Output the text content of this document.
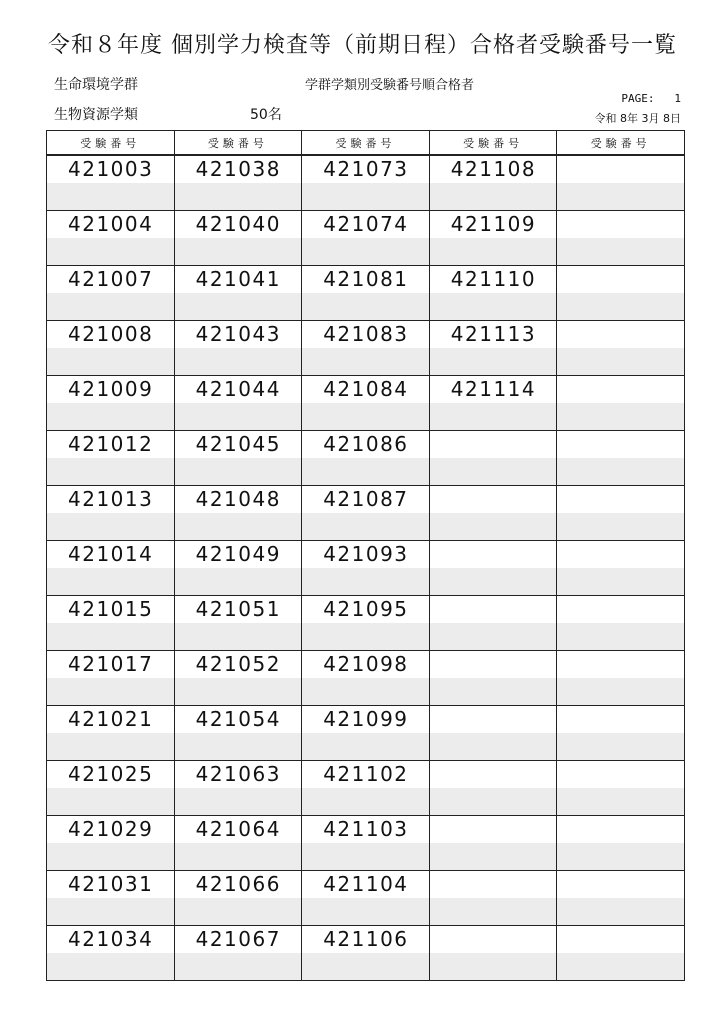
令和８年度 個別学力検査等（前期日程）合格者受験番号一覧
生命環境学群
生物資源学類	50名
学群学類別受験番号順合格者
PAGE:   1
令和 8年 3月 8日
受験番号	受験番号	受験番号	受験番号	受験番号

421003	421038	421073	421108	

421004	421040	421074	421109	

421007	421041	421081	421110	

421008	421043	421083	421113	

421009	421044	421084	421114	

421012	421045	421086		

421013	421048	421087		

421014	421049	421093		

421015	421051	421095		

421017	421052	421098		

421021	421054	421099		

421025	421063	421102		

421029	421064	421103		

421031	421066	421104		

421034	421067	421106		
